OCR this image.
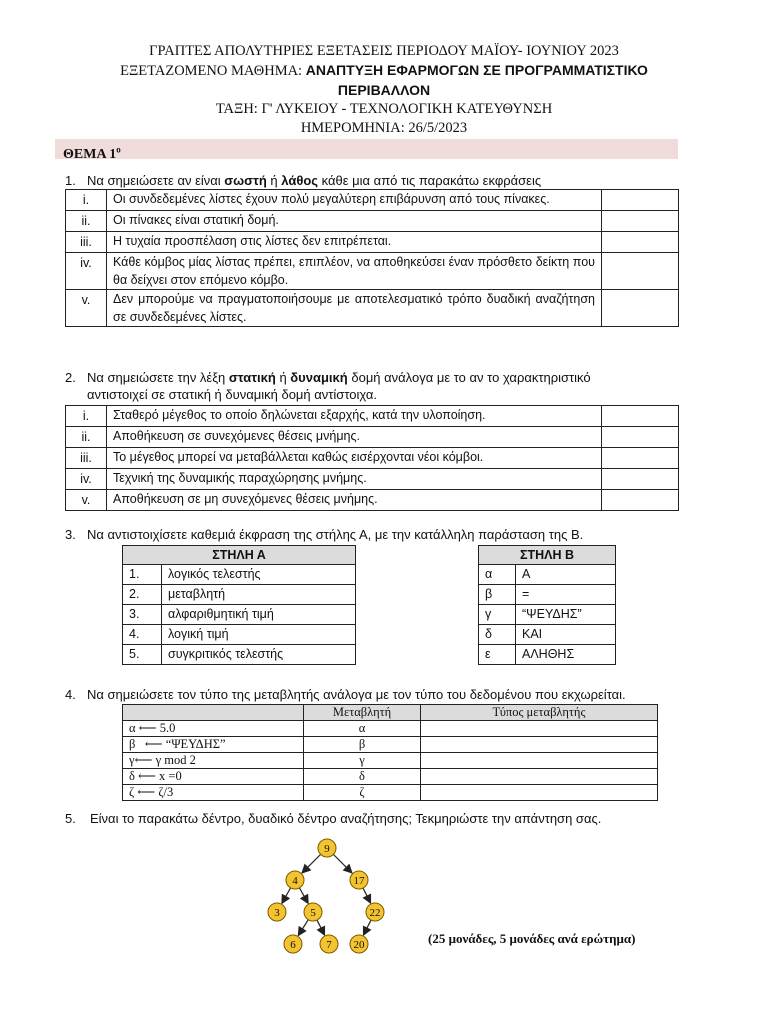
ΓΡΑΠΤΕΣ ΑΠΟΛΥΤΗΡΙΕΣ ΕΞΕΤΑΣΕΙΣ ΠΕΡΙΟΔΟΥ ΜΑΪΟΥ- ΙΟΥΝΙΟΥ 2023
ΕΞΕΤΑΖΟΜΕΝΟ ΜΑΘΗΜΑ: ΑΝΑΠΤΥΞΗ ΕΦΑΡΜΟΓΩΝ ΣΕ ΠΡΟΓΡΑΜΜΑΤΙΣΤΙΚΟ
ΠΕΡΙΒΑΛΛΟΝ
ΤΑΞΗ: Γ' ΛΥΚΕΙΟΥ - ΤΕΧΝΟΛΟΓΙΚΗ ΚΑΤΕΥΘΥΝΣΗ
ΗΜΕΡΟΜΗΝΙΑ: 26/5/2023
ΘΕΜΑ $1^o$
1. Να σημειώσετε αν είναι σωστή ή λάθος κάθε μια από τις παρακάτω εκφράσεις
i.	Οι συνδεδεμένες λίστες έχουν πολύ μεγαλύτερη επιβάρυνση από τους πίνακες.	
ii.	Οι πίνακες είναι στατική δομή.	
iii.	Η τυχαία προσπέλαση στις λίστες δεν επιτρέπεται.	
iv.	Κάθε κόμβος μίας λίστας πρέπει, επιπλέον, να αποθηκεύσει έναν πρόσθετο δείκτη που θα δείχνει στον επόμενο κόμβο.	
v.	Δεν μπορούμε να πραγματοποιήσουμε με αποτελεσματικό τρόπο δυαδική αναζήτηση σε συνδεδεμένες λίστες.	
2. Να σημειώσετε την λέξη στατική ή δυναμική δομή ανάλογα με το αν το χαρακτηριστικό
αντιστοιχεί σε στατική ή δυναμική δομή αντίστοιχα.
i.	Σταθερό μέγεθος το οποίο δηλώνεται εξαρχής, κατά την υλοποίηση.	
ii.	Αποθήκευση σε συνεχόμενες θέσεις μνήμης.	
iii.	Το μέγεθος μπορεί να μεταβάλλεται καθώς εισέρχονται νέοι κόμβοι.	
iv.	Τεχνική της δυναμικής παραχώρησης μνήμης.	
v.	Αποθήκευση σε μη συνεχόμενες θέσεις μνήμης.	
3. Να αντιστοιχίσετε καθεμιά έκφραση της στήλης Α, με την κατάλληλη παράσταση της Β.
ΣΤΗΛΗ Α	
1.	λογικός τελεστής
2.	μεταβλητή
3.	αλφαριθμητική τιμή
4.	λογική τιμή
5.	συγκριτικός τελεστής
ΣΤΗΛΗ Β	
α	Α
β	=
γ	“ΨΕΥΔΗΣ”
δ	ΚΑΙ
ε	ΑΛΗΘΗΣ
4. Να σημειώσετε τον τύπο της μεταβλητής ανάλογα με τον τύπο του δεδομένου που εκχωρείται.
	Μεταβλητή	Τύπος μεταβλητής
α ⟵ 5.0	α	
β   ⟵ “ΨΕΥΔΗΣ”	β	
γ⟵ γ mod 2	γ	
δ ⟵ x =0	δ	
ζ ⟵ ζ/3	ζ	
5. Είναι το παρακάτω δέντρο, δυαδικό δέντρο αναζήτησης; Τεκμηριώστε την απάντηση σας.
9
4	17
3	5	22
6	7 20	(25 μονάδες, 5 μονάδες ανά ερώτημα)
